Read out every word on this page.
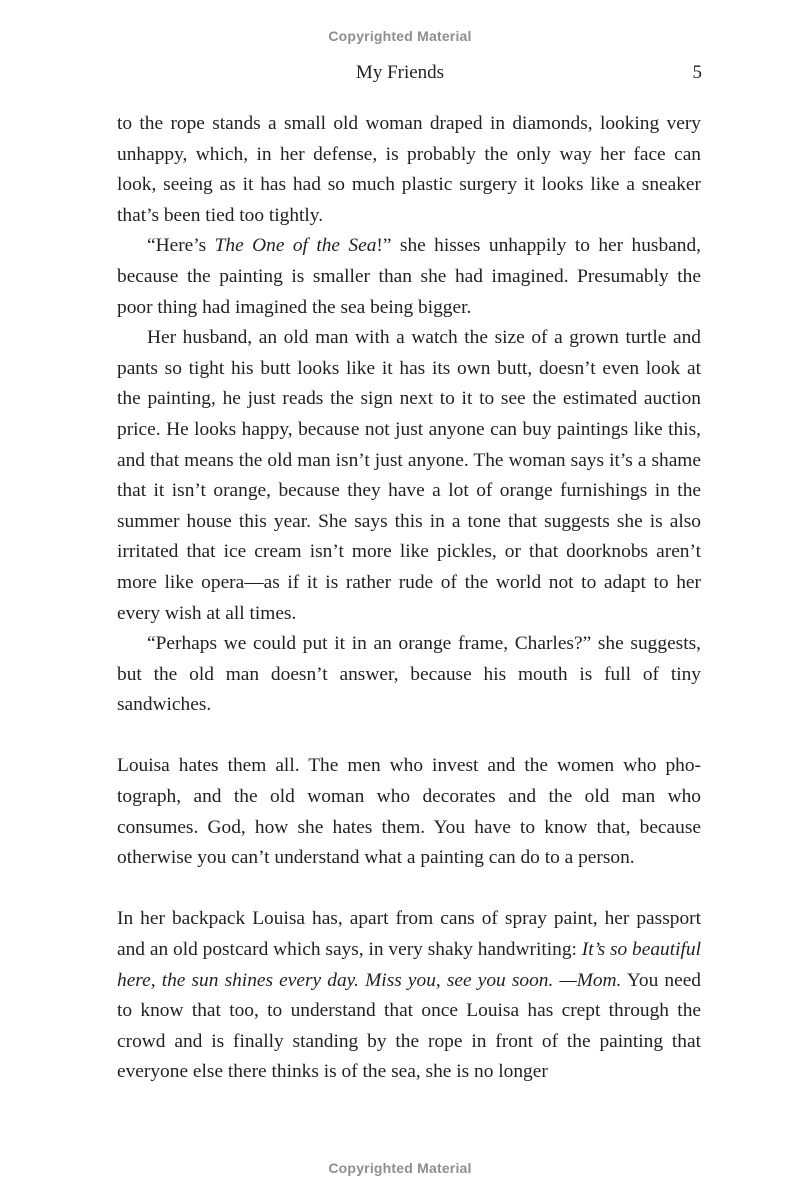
Copyrighted Material
My Friends	5

to the rope stands a small old woman draped in diamonds, looking very unhappy, which, in her defense, is probably the only way her face can look, seeing as it has had so much plastic surgery it looks like a sneaker that’s been tied too tightly.

“Here’s The One of the Sea!” she hisses unhappily to her husband, because the painting is smaller than she had imagined. Presumably the poor thing had imagined the sea being bigger.

Her husband, an old man with a watch the size of a grown turtle and pants so tight his butt looks like it has its own butt, doesn’t even look at the painting, he just reads the sign next to it to see the estimated auction price. He looks happy, because not just anyone can buy paintings like this, and that means the old man isn’t just anyone. The woman says it’s a shame that it isn’t orange, because they have a lot of orange furnishings in the summer house this year. She says this in a tone that suggests she is also irritated that ice cream isn’t more like pickles, or that doorknobs aren’t more like opera—as if it is rather rude of the world not to adapt to her every wish at all times.

“Perhaps we could put it in an orange frame, Charles?” she suggests, but the old man doesn’t answer, because his mouth is full of tiny sandwiches.

Louisa hates them all. The men who invest and the women who photograph, and the old woman who decorates and the old man who consumes. God, how she hates them. You have to know that, because otherwise you can’t understand what a painting can do to a person.

In her backpack Louisa has, apart from cans of spray paint, her passport and an old postcard which says, in very shaky handwriting: It’s so beautiful here, the sun shines every day. Miss you, see you soon. —Mom. You need to know that too, to understand that once Louisa has crept through the crowd and is finally standing by the rope in front of the painting that everyone else there thinks is of the sea, she is no longer

Copyrighted Material
